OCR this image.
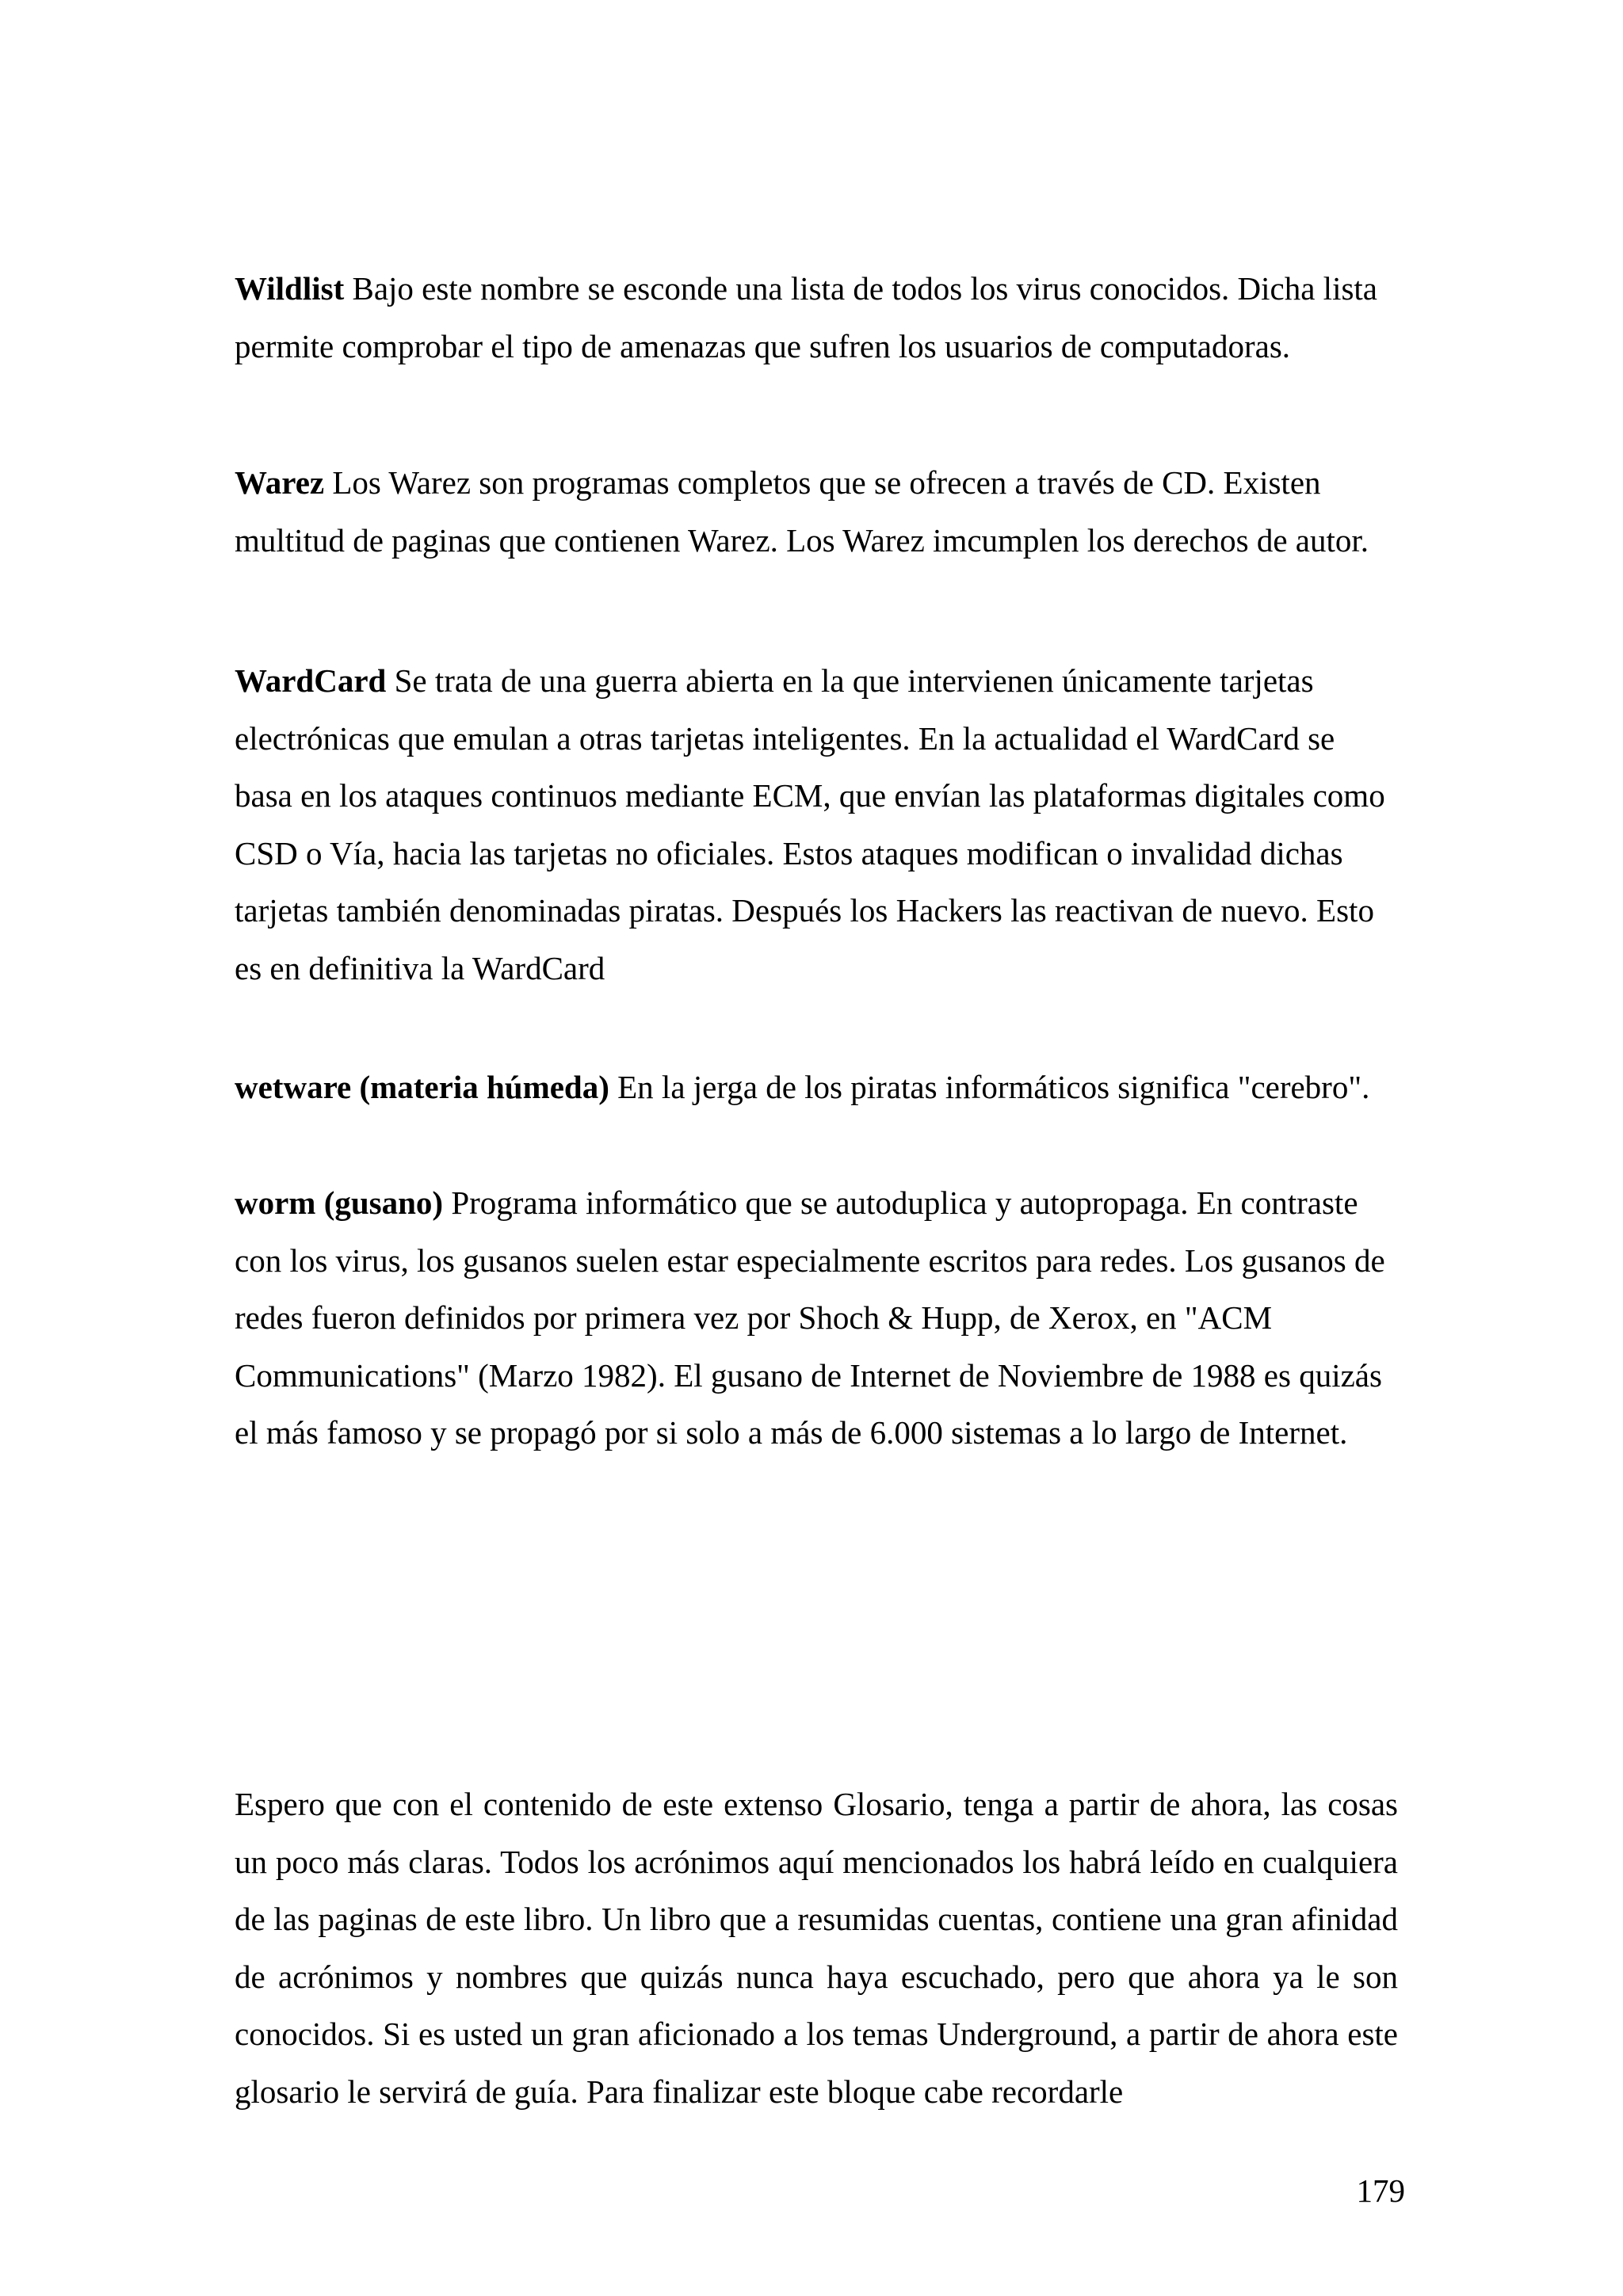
Wildlist Bajo este nombre se esconde una lista de todos los virus conocidos. Dicha lista permite comprobar el tipo de amenazas que sufren los usuarios de computadoras.

Warez Los Warez son programas completos que se ofrecen a través de CD. Existen multitud de paginas que contienen Warez. Los Warez imcumplen los derechos de autor.

WardCard Se trata de una guerra abierta en la que intervienen únicamente tarjetas electrónicas que emulan a otras tarjetas inteligentes. En la actualidad el WardCard se basa en los ataques continuos mediante ECM, que envían las plataformas digitales como CSD o Vía, hacia las tarjetas no oficiales. Estos ataques modifican o invalidad dichas tarjetas también denominadas piratas. Después los Hackers las reactivan de nuevo. Esto es en definitiva la WardCard

wetware (materia húmeda) En la jerga de los piratas informáticos significa "cerebro".

worm (gusano) Programa informático que se autoduplica y autopropaga. En contraste con los virus, los gusanos suelen estar especialmente escritos para redes. Los gusanos de redes fueron definidos por primera vez por Shoch & Hupp, de Xerox, en "ACM Communications" (Marzo 1982). El gusano de Internet de Noviembre de 1988 es quizás el más famoso y se propagó por si solo a más de 6.000 sistemas a lo largo de Internet.

Espero que con el contenido de este extenso Glosario, tenga a partir de ahora, las cosas un poco más claras. Todos los acrónimos aquí mencionados los habrá leído en cualquiera de las paginas de este libro. Un libro que a resumidas cuentas, contiene una gran afinidad de acrónimos y nombres que quizás nunca haya escuchado, pero que ahora ya le son conocidos. Si es usted un gran aficionado a los temas Underground, a partir de ahora este glosario le servirá de guía. Para finalizar este bloque cabe recordarle

179
